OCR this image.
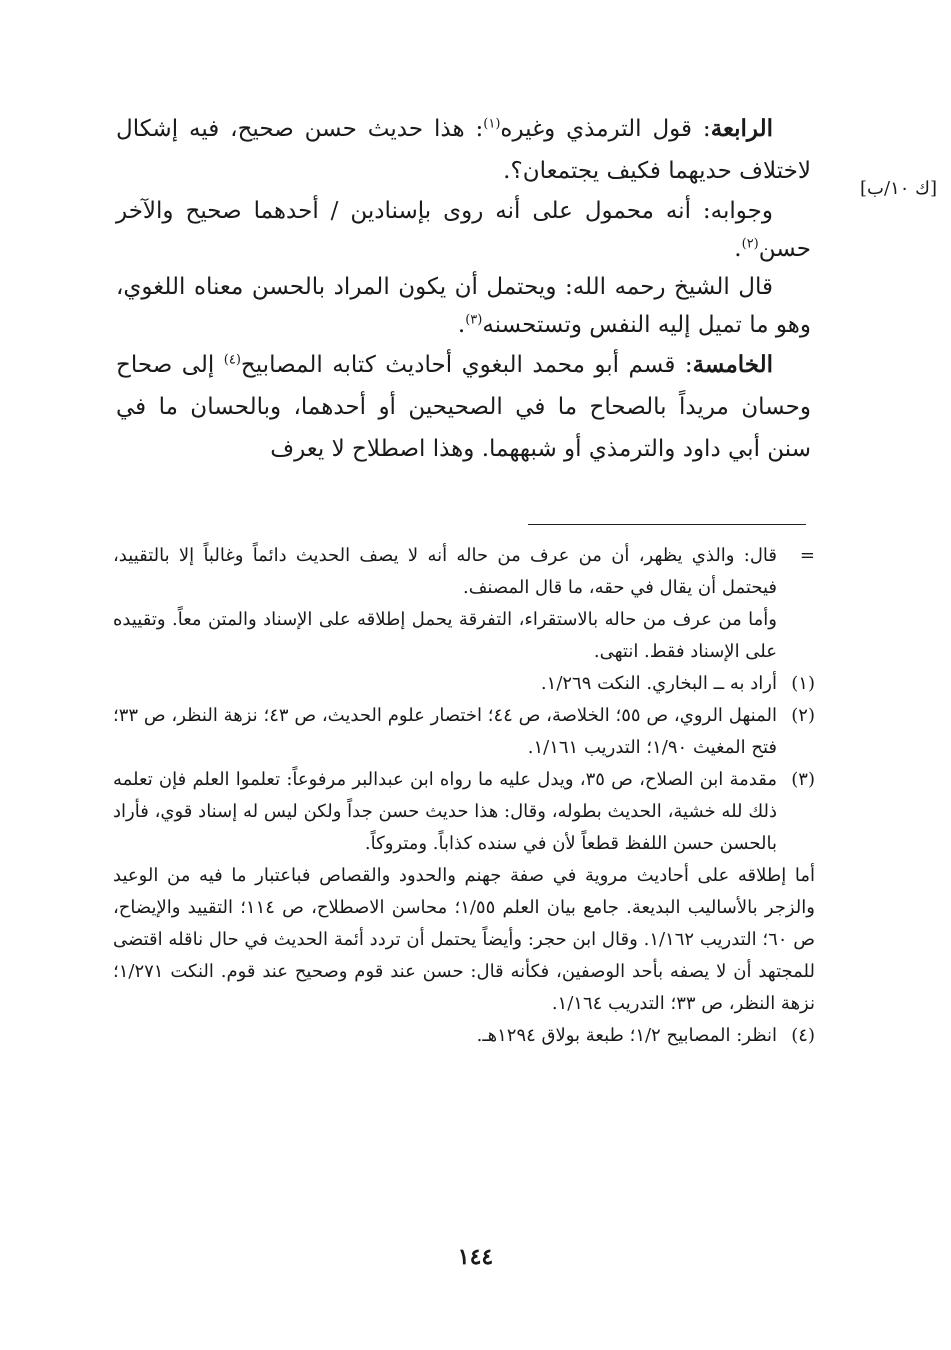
[ك ١٠/ب]

الرابعة: قول الترمذي وغيره$^{(١)}$: هذا حديث حسن صحيح، فيه إشكال لاختلاف حديهما فكيف يجتمعان؟.

وجوابه: أنه محمول على أنه روى بإسنادين / أحدهما صحيح والآخر حسن$^{(٢)}$.

قال الشيخ رحمه الله: ويحتمل أن يكون المراد بالحسن معناه اللغوي، وهو ما تميل إليه النفس وتستحسنه$^{(٣)}$.

الخامسة: قسم أبو محمد البغوي أحاديث كتابه المصابيح$^{(٤)}$ إلى صحاح وحسان مريداً بالصحاح ما في الصحيحين أو أحدهما، وبالحسان ما في سنن أبي داود والترمذي أو شبههما. وهذا اصطلاح لا يعرف

=

قال: والذي يظهر، أن من عرف من حاله أنه لا يصف الحديث دائماً وغالباً إلا بالتقييد، فيحتمل أن يقال في حقه، ما قال المصنف.

وأما من عرف من حاله بالاستقراء، التفرقة يحمل إطلاقه على الإسناد والمتن معاً. وتقييده على الإسناد فقط. انتهى.

(١)

أراد به ــ البخاري. النكت ١/٢٦٩.

(٢)

المنهل الروي، ص ٥٥؛ الخلاصة، ص ٤٤؛ اختصار علوم الحديث، ص ٤٣؛ نزهة النظر، ص ٣٣؛ فتح المغيث ١/٩٠؛ التدريب ١/١٦١.

(٣)

مقدمة ابن الصلاح، ص ٣٥، ويدل عليه ما رواه ابن عبدالبر مرفوعاً: تعلموا العلم فإن تعلمه ذلك لله خشية، الحديث بطوله، وقال: هذا حديث حسن جداً ولكن ليس له إسناد قوي، فأراد بالحسن حسن اللفظ قطعاً لأن في سنده كذاباً. ومتروكاً.

أما إطلاقه على أحاديث مروية في صفة جهنم والحدود والقصاص فباعتبار ما فيه من الوعيد والزجر بالأساليب البديعة. جامع بيان العلم ١/٥٥؛ محاسن الاصطلاح، ص ١١٤؛ التقييد والإيضاح، ص ٦٠؛ التدريب ١/١٦٢. وقال ابن حجر: وأيضاً يحتمل أن تردد أئمة الحديث في حال ناقله اقتضى للمجتهد أن لا يصفه بأحد الوصفين، فكأنه قال: حسن عند قوم وصحيح عند قوم. النكت ١/٢٧١؛ نزهة النظر، ص ٣٣؛ التدريب ١/١٦٤.

(٤)

انظر: المصابيح ١/٢؛ طبعة بولاق ١٢٩٤هـ.

١٤٤
